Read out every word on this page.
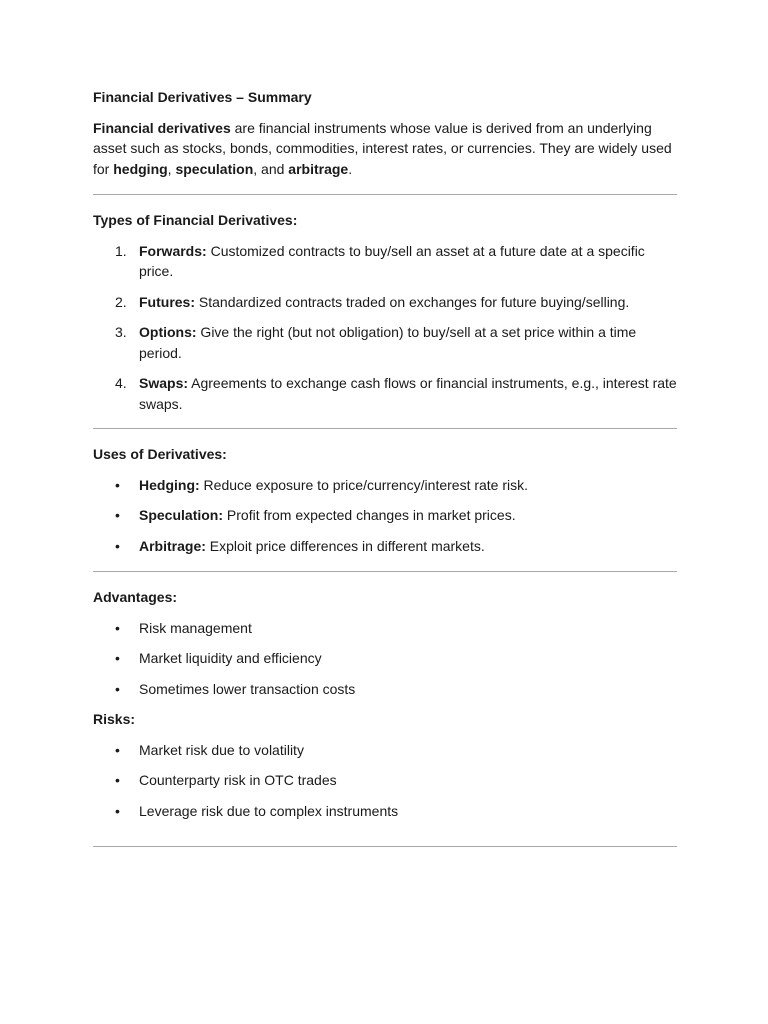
Financial Derivatives – Summary

Financial derivatives are financial instruments whose value is derived from an underlying asset such as stocks, bonds, commodities, interest rates, or currencies. They are widely used for hedging, speculation, and arbitrage.

Types of Financial Derivatives:

1. Forwards: Customized contracts to buy/sell an asset at a future date at a specific price.
2. Futures: Standardized contracts traded on exchanges for future buying/selling.
3. Options: Give the right (but not obligation) to buy/sell at a set price within a time period.
4. Swaps: Agreements to exchange cash flows or financial instruments, e.g., interest rate swaps.

Uses of Derivatives:

• Hedging: Reduce exposure to price/currency/interest rate risk.
• Speculation: Profit from expected changes in market prices.
• Arbitrage: Exploit price differences in different markets.

Advantages:

• Risk management
• Market liquidity and efficiency
• Sometimes lower transaction costs

Risks:

• Market risk due to volatility
• Counterparty risk in OTC trades
• Leverage risk due to complex instruments
